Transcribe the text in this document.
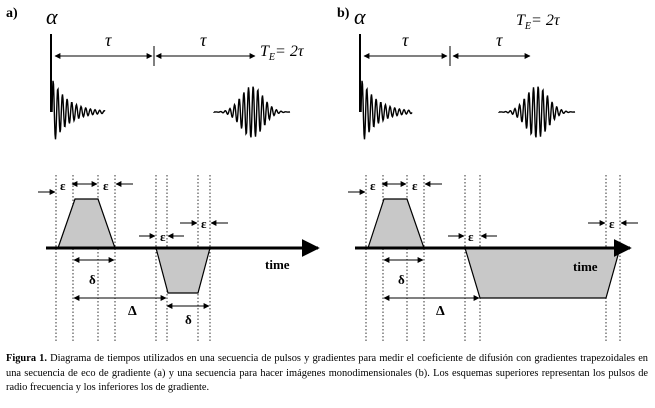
a) α
τ	τ
$T_E= 2\tau$
time
ε	ε
ε
ε
δ
δ
Δ
b) α
τ	τ
$T_E= 2\tau$
time
ε	ε
ε
ε
δ
Δ
Figura 1. Diagrama de tiempos utilizados en una secuencia de pulsos y gradientes para medir el coeficiente de difusión con gradientes trapezoidales en una secuencia de eco de gradiente (a) y una secuencia para hacer imágenes monodimensionales (b). Los esquemas superiores representan los pulsos de radio frecuencia y los inferiores los de gradiente.
